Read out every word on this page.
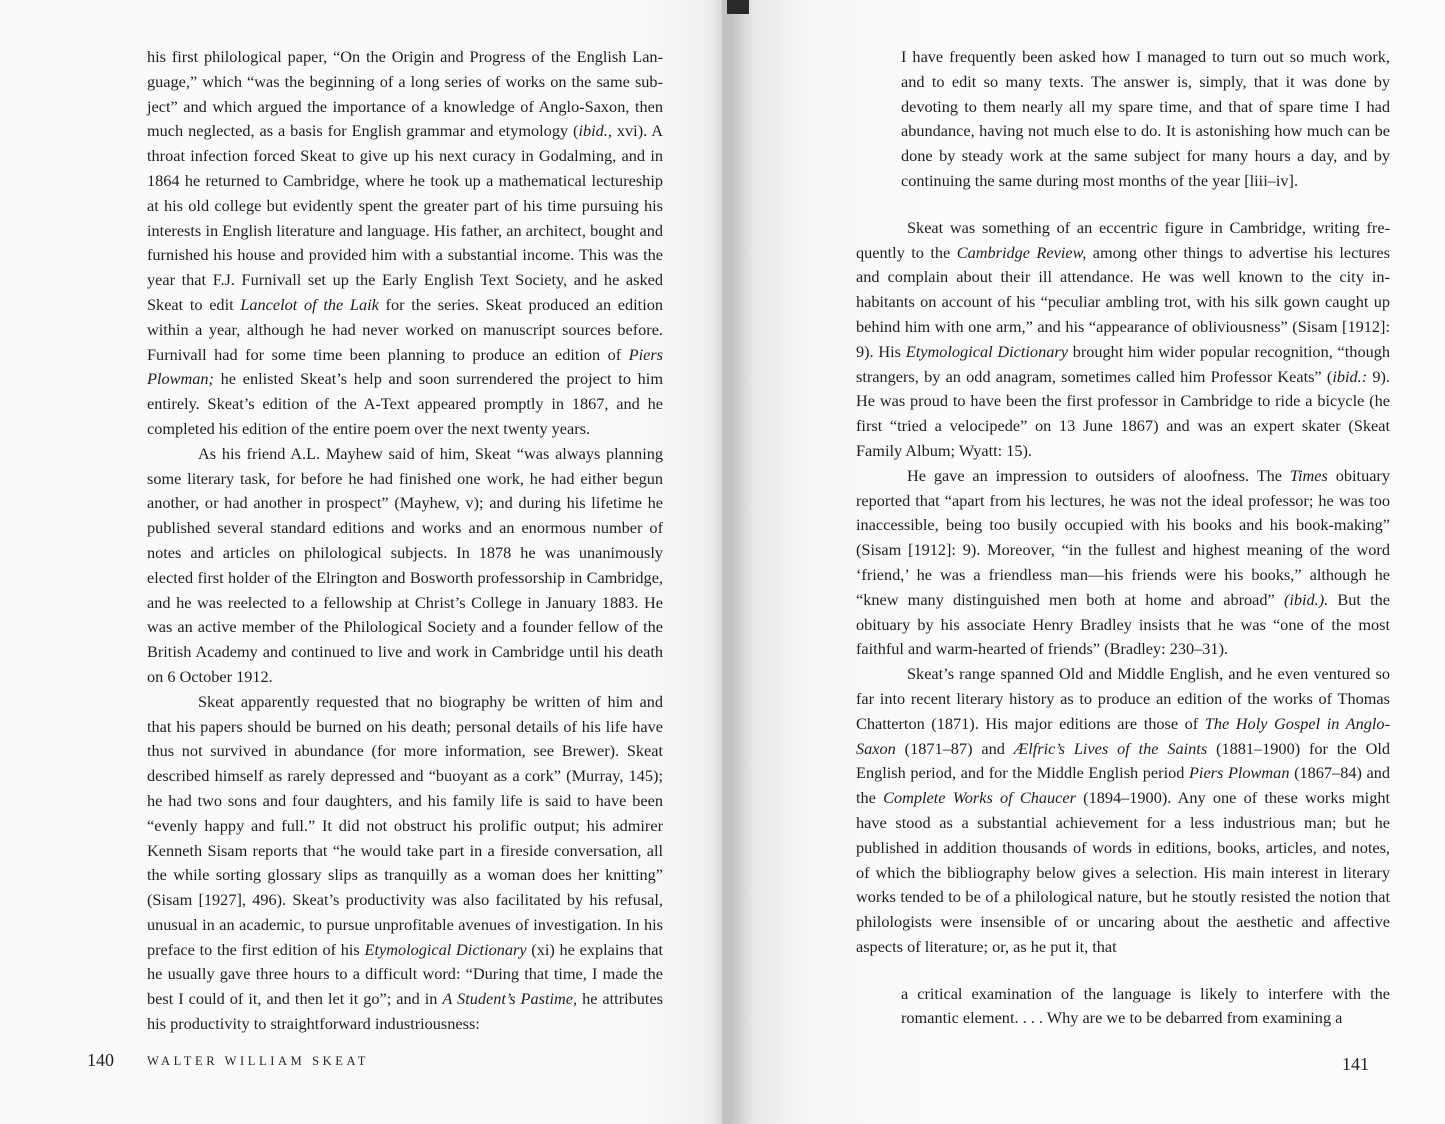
his first philological paper, “On the Origin and Progress of the English Language,” which “was the beginning of a long series of works on the same subject” and which argued the importance of a knowledge of Anglo-Saxon, then much neglected, as a basis for English grammar and etymology (ibid., xvi). A throat infection forced Skeat to give up his next curacy in Godalming, and in 1864 he returned to Cambridge, where he took up a mathematical lectureship at his old college but evidently spent the greater part of his time pursuing his interests in English literature and language. His father, an architect, bought and furnished his house and provided him with a substantial income. This was the year that F.J. Furnivall set up the Early English Text Society, and he asked Skeat to edit Lancelot of the Laik for the series. Skeat produced an edition within a year, although he had never worked on manuscript sources before. Furnivall had for some time been planning to produce an edition of Piers Plowman; he enlisted Skeat’s help and soon surrendered the project to him entirely. Skeat’s edition of the A-Text appeared promptly in 1867, and he completed his edition of the entire poem over the next twenty years.

As his friend A.L. Mayhew said of him, Skeat “was always planning some literary task, for before he had finished one work, he had either begun another, or had another in prospect” (Mayhew, v); and during his lifetime he published several standard editions and works and an enormous number of notes and articles on philological subjects. In 1878 he was unanimously elected first holder of the Elrington and Bosworth professorship in Cambridge, and he was reelected to a fellowship at Christ’s College in January 1883. He was an active member of the Philological Society and a founder fellow of the British Academy and continued to live and work in Cambridge until his death on 6 October 1912.

Skeat apparently requested that no biography be written of him and that his papers should be burned on his death; personal details of his life have thus not survived in abundance (for more information, see Brewer). Skeat described himself as rarely depressed and “buoyant as a cork” (Murray, 145); he had two sons and four daughters, and his family life is said to have been “evenly happy and full.” It did not obstruct his prolific output; his admirer Kenneth Sisam reports that “he would take part in a fireside conversation, all the while sorting glossary slips as tranquilly as a woman does her knitting” (Sisam [1927], 496). Skeat’s productivity was also facilitated by his refusal, unusual in an academic, to pursue unprofitable avenues of investigation. In his preface to the first edition of his Etymological Dictionary (xi) he explains that he usually gave three hours to a difficult word: “During that time, I made the best I could of it, and then let it go”; and in A Student’s Pastime, he attributes his productivity to straightforward industriousness:

140	WALTER WILLIAM SKEAT

I have frequently been asked how I managed to turn out so much work, and to edit so many texts. The answer is, simply, that it was done by devoting to them nearly all my spare time, and that of spare time I had abundance, having not much else to do. It is astonishing how much can be done by steady work at the same subject for many hours a day, and by continuing the same during most months of the year [liii–iv].

Skeat was something of an eccentric figure in Cambridge, writing frequently to the Cambridge Review, among other things to advertise his lectures and complain about their ill attendance. He was well known to the city inhabitants on account of his “peculiar ambling trot, with his silk gown caught up behind him with one arm,” and his “appearance of obliviousness” (Sisam [1912]: 9). His Etymological Dictionary brought him wider popular recognition, “though strangers, by an odd anagram, sometimes called him Professor Keats” (ibid.: 9). He was proud to have been the first professor in Cambridge to ride a bicycle (he first “tried a velocipede” on 13 June 1867) and was an expert skater (Skeat Family Album; Wyatt: 15).

He gave an impression to outsiders of aloofness. The Times obituary reported that “apart from his lectures, he was not the ideal professor; he was too inaccessible, being too busily occupied with his books and his book-making” (Sisam [1912]: 9). Moreover, “in the fullest and highest meaning of the word ‘friend,’ he was a friendless man—his friends were his books,” although he “knew many distinguished men both at home and abroad” (ibid.). But the obituary by his associate Henry Bradley insists that he was “one of the most faithful and warm-hearted of friends” (Bradley: 230–31).

Skeat’s range spanned Old and Middle English, and he even ventured so far into recent literary history as to produce an edition of the works of Thomas Chatterton (1871). His major editions are those of The Holy Gospel in Anglo-Saxon (1871–87) and Ælfric’s Lives of the Saints (1881–1900) for the Old English period, and for the Middle English period Piers Plowman (1867–84) and the Complete Works of Chaucer (1894–1900). Any one of these works might have stood as a substantial achievement for a less industrious man; but he published in addition thousands of words in editions, books, articles, and notes, of which the bibliography below gives a selection. His main interest in literary works tended to be of a philological nature, but he stoutly resisted the notion that philologists were insensible of or uncaring about the aesthetic and affective aspects of literature; or, as he put it, that

a critical examination of the language is likely to interfere with the romantic element. . . . Why are we to be debarred from examining a

141
